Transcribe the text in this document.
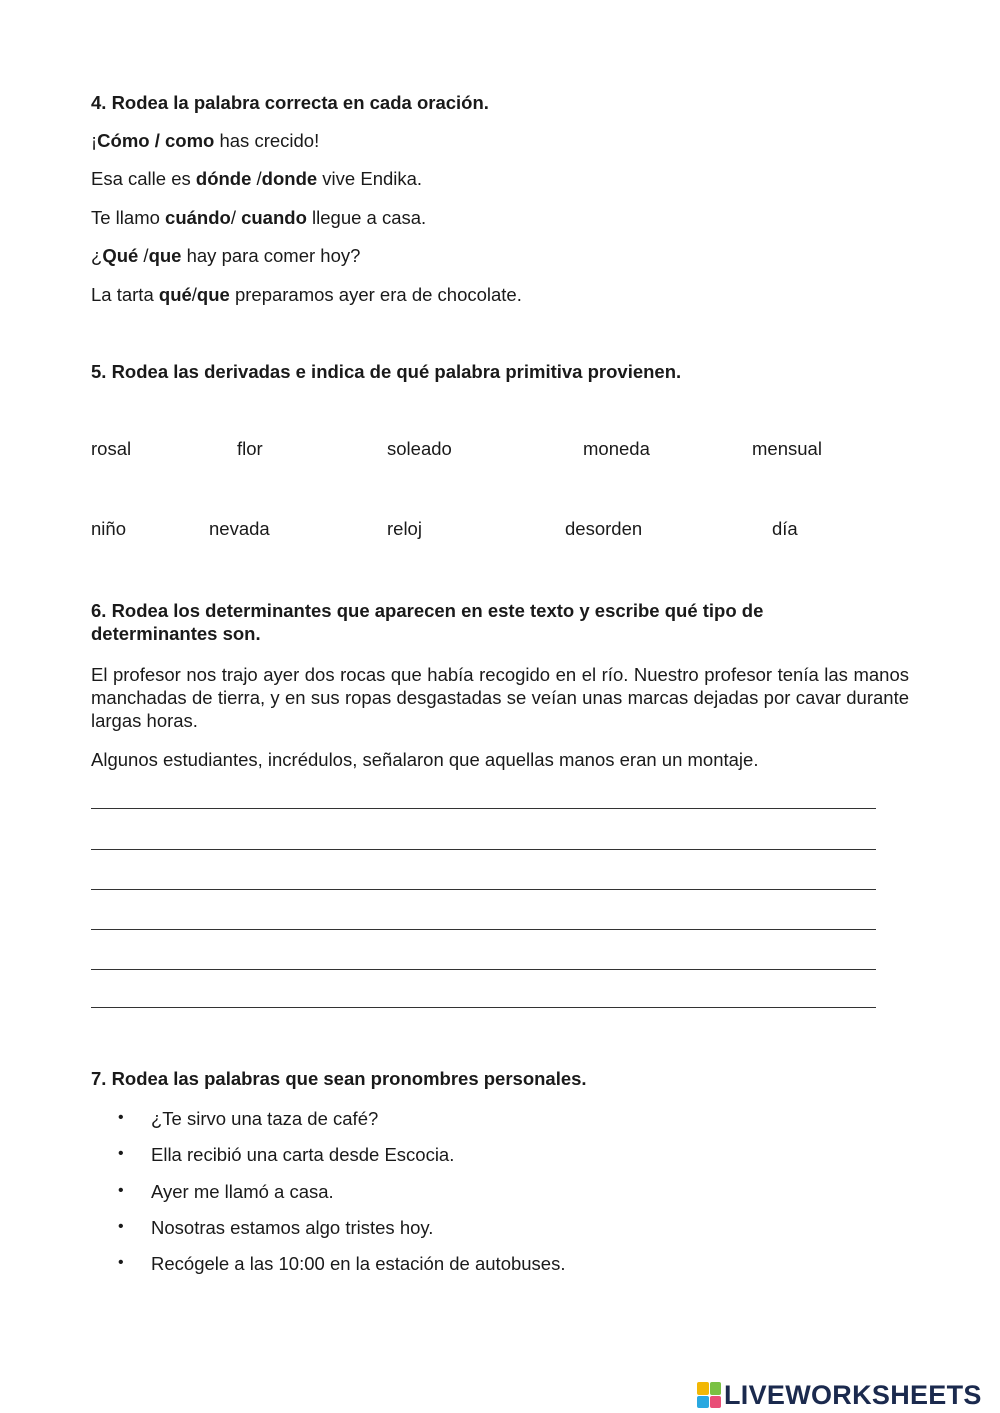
4. Rodea la palabra correcta en cada oración.
¡Cómo / como has crecido!
Esa calle es dónde /donde vive Endika.
Te llamo cuándo/ cuando llegue a casa.
¿Qué /que hay para comer hoy?
La tarta qué/que preparamos ayer era de chocolate.
5. Rodea las derivadas e indica de qué palabra primitiva provienen.
rosal	flor	soleado	moneda	mensual
niño	nevada	reloj	desorden	día
6. Rodea los determinantes que aparecen en este texto y escribe qué tipo de
determinantes son.
El profesor nos trajo ayer dos rocas que había recogido en el río. Nuestro profesor tenía las manos manchadas de tierra, y en sus ropas desgastadas se veían unas marcas dejadas por cavar durante largas horas.
Algunos estudiantes, incrédulos, señalaron que aquellas manos eran un montaje.
7. Rodea las palabras que sean pronombres personales.
• ¿Te sirvo una taza de café?
• Ella recibió una carta desde Escocia.
• Ayer me llamó a casa.
• Nosotras estamos algo tristes hoy.
• Recógele a las 10:00 en la estación de autobuses.
LIVEWORKSHEETS
